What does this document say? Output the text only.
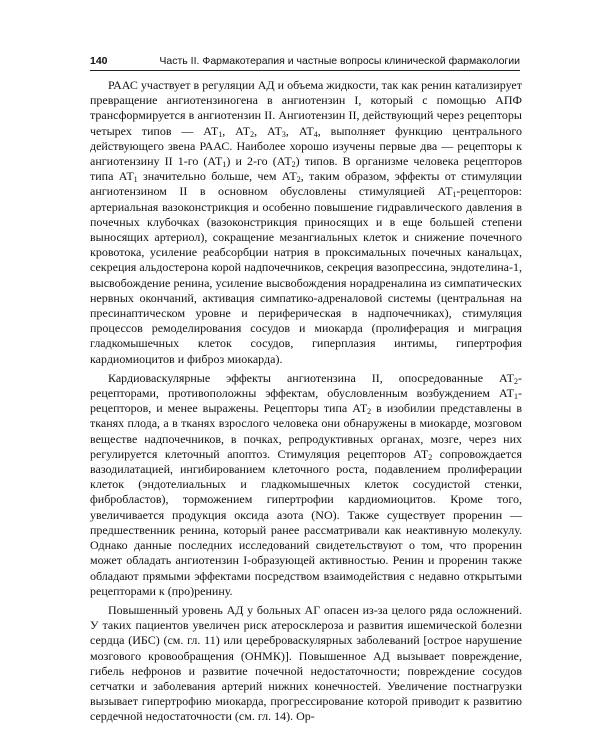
140	Часть II. Фармакотерапия и частные вопросы клинической фармакологии

РААС участвует в регуляции АД и объема жидкости, так как ренин катализирует превращение ангиотензиногена в ангиотензин I, который с помощью АПФ трансформируется в ангиотензин II. Ангиотензин II, действующий через рецепторы четырех типов — $АТ_1$, $АТ_2$, $АТ_3$, $АТ_4$, выполняет функцию центрального действующего звена РААС. Наиболее хорошо изучены первые два — рецепторы к ангиотензину II 1-го $(АТ_1)$ и 2-го $(АТ_2)$ типов. В организме человека рецепторов типа $АТ_1$ значительно больше, чем $АТ_2$, таким образом, эффекты от стимуляции ангиотензином II в основном обусловлены стимуляцией $АТ_1$-рецепторов: артериальная вазоконстрикция и особенно повышение гидравлического давления в почечных клубочках (вазоконстрикция приносящих и в еще большей степени выносящих артериол), сокращение мезангиальных клеток и снижение почечного кровотока, усиление реабсорбции натрия в проксимальных почечных канальцах, секреция альдостерона корой надпочечников, секреция вазопрессина, эндотелина-1, высвобождение ренина, усиление высвобождения норадреналина из симпатических нервных окончаний, активация симпатико-адреналовой системы (центральная на пресинаптическом уровне и периферическая в надпочечниках), стимуляция процессов ремоделирования сосудов и миокарда (пролиферация и миграция гладкомышечных клеток сосудов, гиперплазия интимы, гипертрофия кардиомиоцитов и фиброз миокарда).

Кардиоваскулярные эффекты ангиотензина II, опосредованные $АТ_2$-рецепторами, противоположны эффектам, обусловленным возбуждением $АТ_1$-рецепторов, и менее выражены. Рецепторы типа $АТ_2$ в изобилии представлены в тканях плода, а в тканях взрослого человека они обнаружены в миокарде, мозговом веществе надпочечников, в почках, репродуктивных органах, мозге, через них регулируется клеточный апоптоз. Стимуляция рецепторов $АТ_2$ сопровождается вазодилатацией, ингибированием клеточного роста, подавлением пролиферации клеток (эндотелиальных и гладкомышечных клеток сосудистой стенки, фибробластов), торможением гипертрофии кардиомиоцитов. Кроме того, увеличивается продукция оксида азота (NO). Также существует проренин — предшественник ренина, который ранее рассматривали как неактивную молекулу. Однако данные последних исследований свидетельствуют о том, что проренин может обладать ангиотензин I-образующей активностью. Ренин и проренин также обладают прямыми эффектами посредством взаимодействия с недавно открытыми рецепторами к (про)ренину.

Повышенный уровень АД у больных АГ опасен из-за целого ряда осложнений. У таких пациентов увеличен риск атеросклероза и развития ишемической болезни сердца (ИБС) (см. гл. 11) или цереброваскулярных заболеваний [острое нарушение мозгового кровообращения (ОНМК)]. Повышенное АД вызывает повреждение, гибель нефронов и развитие почечной недостаточности; повреждение сосудов сетчатки и заболевания артерий нижних конечностей. Увеличение постнагрузки вызывает гипертрофию миокарда, прогрессирование которой приводит к развитию сердечной недостаточности (см. гл. 14). Ор-
